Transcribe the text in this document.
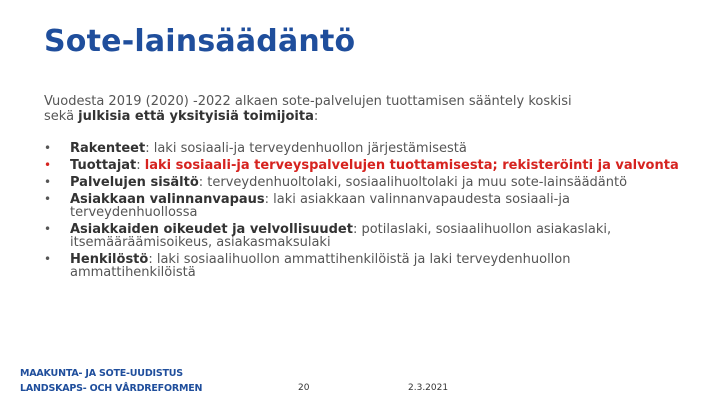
Sote-lainsäädäntö
Vuodesta 2019 (2020) -2022 alkaen sote-palvelujen tuottamisen sääntely koskisi
sekä julkisia että yksityisiä toimijoita:
• Rakenteet: laki sosiaali-ja terveydenhuollon järjestämisestä
• Tuottajat: laki sosiaali-ja terveyspalvelujen tuottamisesta; rekisteröinti ja valvonta
• Palvelujen sisältö: terveydenhuoltolaki, sosiaalihuoltolaki ja muu sote-lainsäädäntö
• Asiakkaan valinnanvapaus: laki asiakkaan valinnanvapaudesta sosiaali-ja terveydenhuollossa
• Asiakkaiden oikeudet ja velvollisuudet: potilaslaki, sosiaalihuollon asiakaslaki, itsemääräämisoikeus, asiakasmaksulaki
• Henkilöstö: laki sosiaalihuollon ammattihenkilöistä ja laki terveydenhuollon ammattihenkilöistä
MAAKUNTA- JA SOTE-UUDISTUS
LANDSKAPS- OCH VÅRDREFORMEN	20	2.3.2021
